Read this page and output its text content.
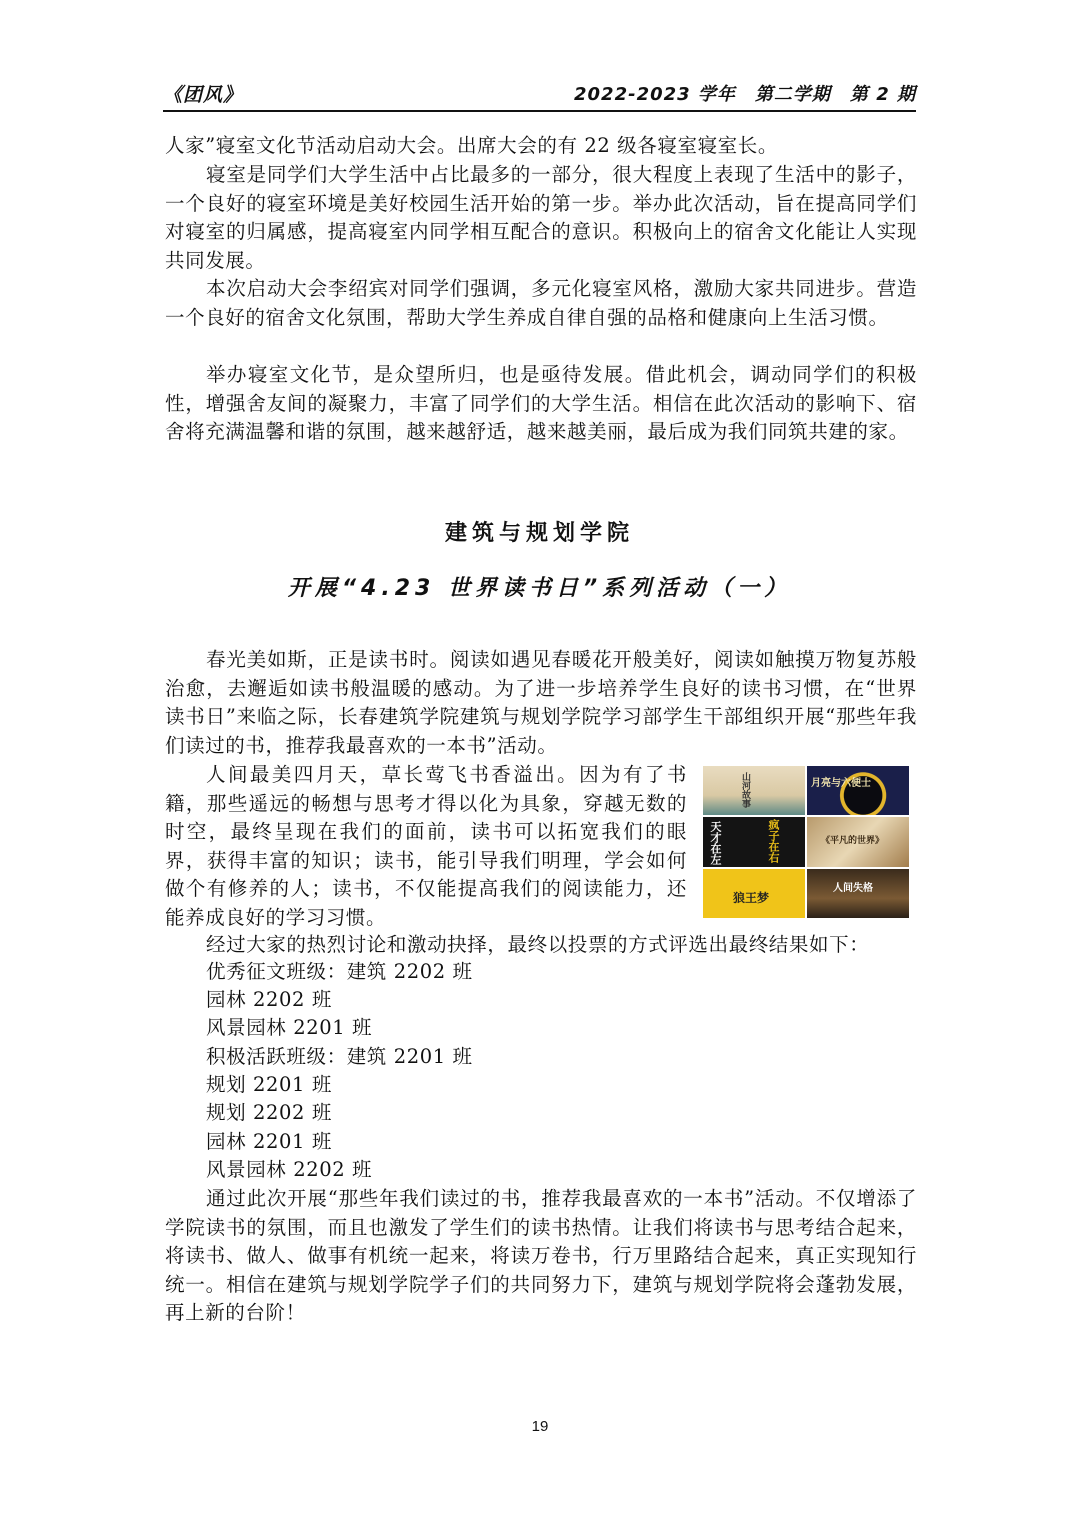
《团风》	2022-2023 学年　第二学期　第 2 期
人家”寝室文化节活动启动大会。出席大会的有 22 级各寝室寝室长。
寝室是同学们大学生活中占比最多的一部分，很大程度上表现了生活中的影子，一个良好的寝室环境是美好校园生活开始的第一步。举办此次活动，旨在提高同学们对寝室的归属感，提高寝室内同学相互配合的意识。积极向上的宿舍文化能让人实现共同发展。
本次启动大会李绍宾对同学们强调，多元化寝室风格，激励大家共同进步。营造一个良好的宿舍文化氛围，帮助大学生养成自律自强的品格和健康向上生活习惯。
举办寝室文化节，是众望所归，也是亟待发展。借此机会，调动同学们的积极性，增强舍友间的凝聚力，丰富了同学们的大学生活。相信在此次活动的影响下、宿舍将充满温馨和谐的氛围，越来越舒适，越来越美丽，最后成为我们同筑共建的家。
建筑与规划学院
开展“4.23 世界读书日”系列活动（一）
春光美如斯，正是读书时。阅读如遇见春暖花开般美好，阅读如触摸万物复苏般治愈，去邂逅如读书般温暖的感动。为了进一步培养学生良好的读书习惯，在“世界读书日”来临之际，长春建筑学院建筑与规划学院学习部学生干部组织开展“那些年我们读过的书，推荐我最喜欢的一本书”活动。
人间最美四月天，草长莺飞书香溢出。因为有了书籍，那些遥远的畅想与思考才得以化为具象，穿越无数的时空，最终呈现在我们的面前，读书可以拓宽我们的眼界，获得丰富的知识；读书，能引导我们明理，学会如何做个有修养的人；读书，不仅能提高我们的阅读能力，还能养成良好的学习习惯。
山河故事	月亮与六便士
天才在左	疯子在右	《平凡的世界》
狼王梦
人间失格
经过大家的热烈讨论和激动抉择，最终以投票的方式评选出最终结果如下：
优秀征文班级：建筑 2202 班
园林 2202 班
风景园林 2201 班
积极活跃班级：建筑 2201 班
规划 2201 班
规划 2202 班
园林 2201 班
风景园林 2202 班
通过此次开展“那些年我们读过的书，推荐我最喜欢的一本书”活动。不仅增添了学院读书的氛围，而且也激发了学生们的读书热情。让我们将读书与思考结合起来，将读书、做人、做事有机统一起来，将读万卷书，行万里路结合起来，真正实现知行统一。相信在建筑与规划学院学子们的共同努力下，建筑与规划学院将会蓬勃发展，再上新的台阶！
19
